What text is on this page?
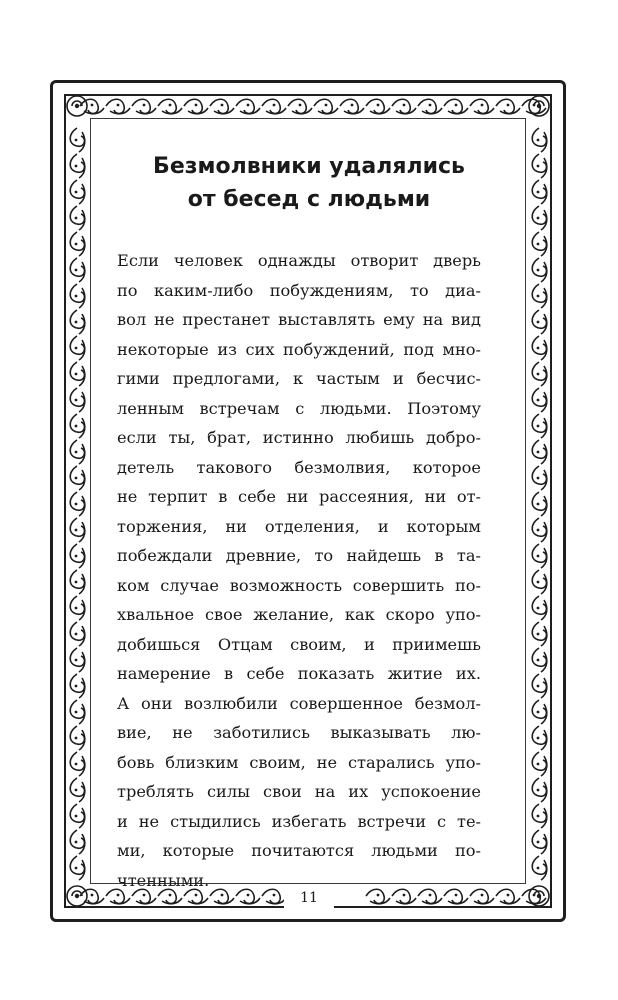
Безмолвники удалялись
от бесед с людьми
Если человек однажды отворит дверь
по каким-либо побуждениям, то диа-
вол не престанет выставлять ему на вид
некоторые из сих побуждений, под мно-
гими предлогами, к частым и бесчис-
ленным встречам с людьми. Поэтому
если ты, брат, истинно любишь добро-
детель такового безмолвия, которое
не терпит в себе ни рассеяния, ни от-
торжения, ни отделения, и которым
побеждали древние, то найдешь в та-
ком случае возможность совершить по-
хвальное свое желание, как скоро упо-
добишься Отцам своим, и приимешь
намерение в себе показать житие их.
А они возлюбили совершенное безмол-
вие, не заботились выказывать лю-
бовь близким своим, не старались упо-
треблять силы свои на их успокоение
и не стыдились избегать встречи с те-
ми, которые почитаются людьми по-
чтенными.
11
